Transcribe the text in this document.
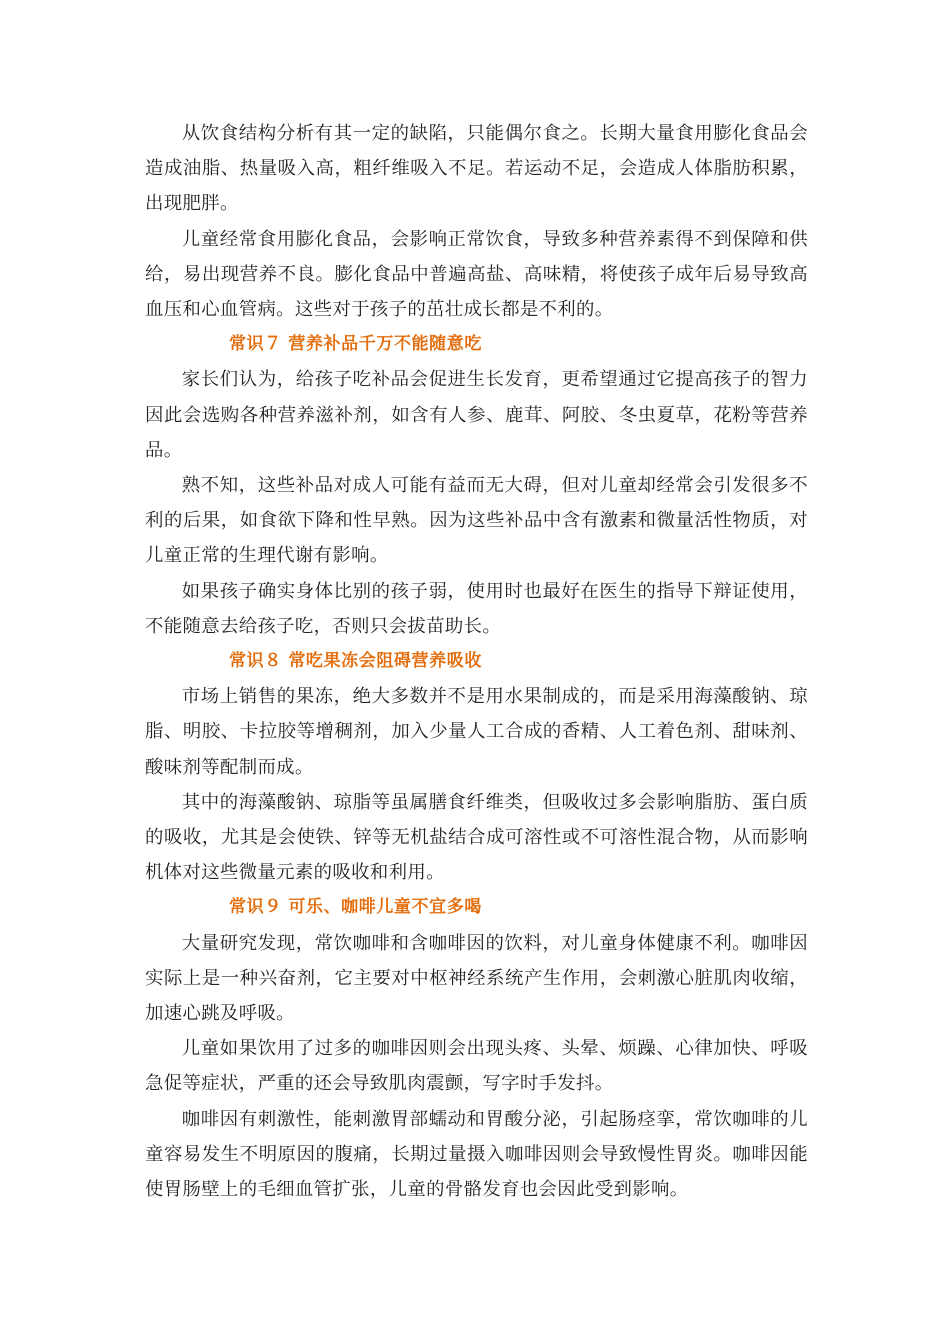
从饮食结构分析有其一定的缺陷，只能偶尔食之。长期大量食用膨化食品会造成油脂、热量吸入高，粗纤维吸入不足。若运动不足，会造成人体脂肪积累，出现肥胖。

儿童经常食用膨化食品，会影响正常饮食，导致多种营养素得不到保障和供给，易出现营养不良。膨化食品中普遍高盐、高味精，将使孩子成年后易导致高血压和心血管病。这些对于孩子的茁壮成长都是不利的。

常识７ 营养补品千万不能随意吃

家长们认为，给孩子吃补品会促进生长发育，更希望通过它提高孩子的智力因此会选购各种营养滋补剂，如含有人参、鹿茸、阿胶、冬虫夏草，花粉等营养品。

熟不知，这些补品对成人可能有益而无大碍，但对儿童却经常会引发很多不利的后果，如食欲下降和性早熟。因为这些补品中含有激素和微量活性物质，对儿童正常的生理代谢有影响。

如果孩子确实身体比别的孩子弱，使用时也最好在医生的指导下辩证使用，不能随意去给孩子吃，否则只会拔苗助长。

常识８ 常吃果冻会阻碍营养吸收

市场上销售的果冻，绝大多数并不是用水果制成的，而是采用海藻酸钠、琼脂、明胶、卡拉胶等增稠剂，加入少量人工合成的香精、人工着色剂、甜味剂、酸味剂等配制而成。

其中的海藻酸钠、琼脂等虽属膳食纤维类，但吸收过多会影响脂肪、蛋白质的吸收，尤其是会使铁、锌等无机盐结合成可溶性或不可溶性混合物，从而影响机体对这些微量元素的吸收和利用。

常识９ 可乐、咖啡儿童不宜多喝

大量研究发现，常饮咖啡和含咖啡因的饮料，对儿童身体健康不利。咖啡因实际上是一种兴奋剂，它主要对中枢神经系统产生作用，会刺激心脏肌肉收缩，加速心跳及呼吸。

儿童如果饮用了过多的咖啡因则会出现头疼、头晕、烦躁、心律加快、呼吸急促等症状，严重的还会导致肌肉震颤，写字时手发抖。

咖啡因有刺激性，能刺激胃部蠕动和胃酸分泌，引起肠痉挛，常饮咖啡的儿童容易发生不明原因的腹痛，长期过量摄入咖啡因则会导致慢性胃炎。咖啡因能使胃肠壁上的毛细血管扩张，儿童的骨骼发育也会因此受到影响。
